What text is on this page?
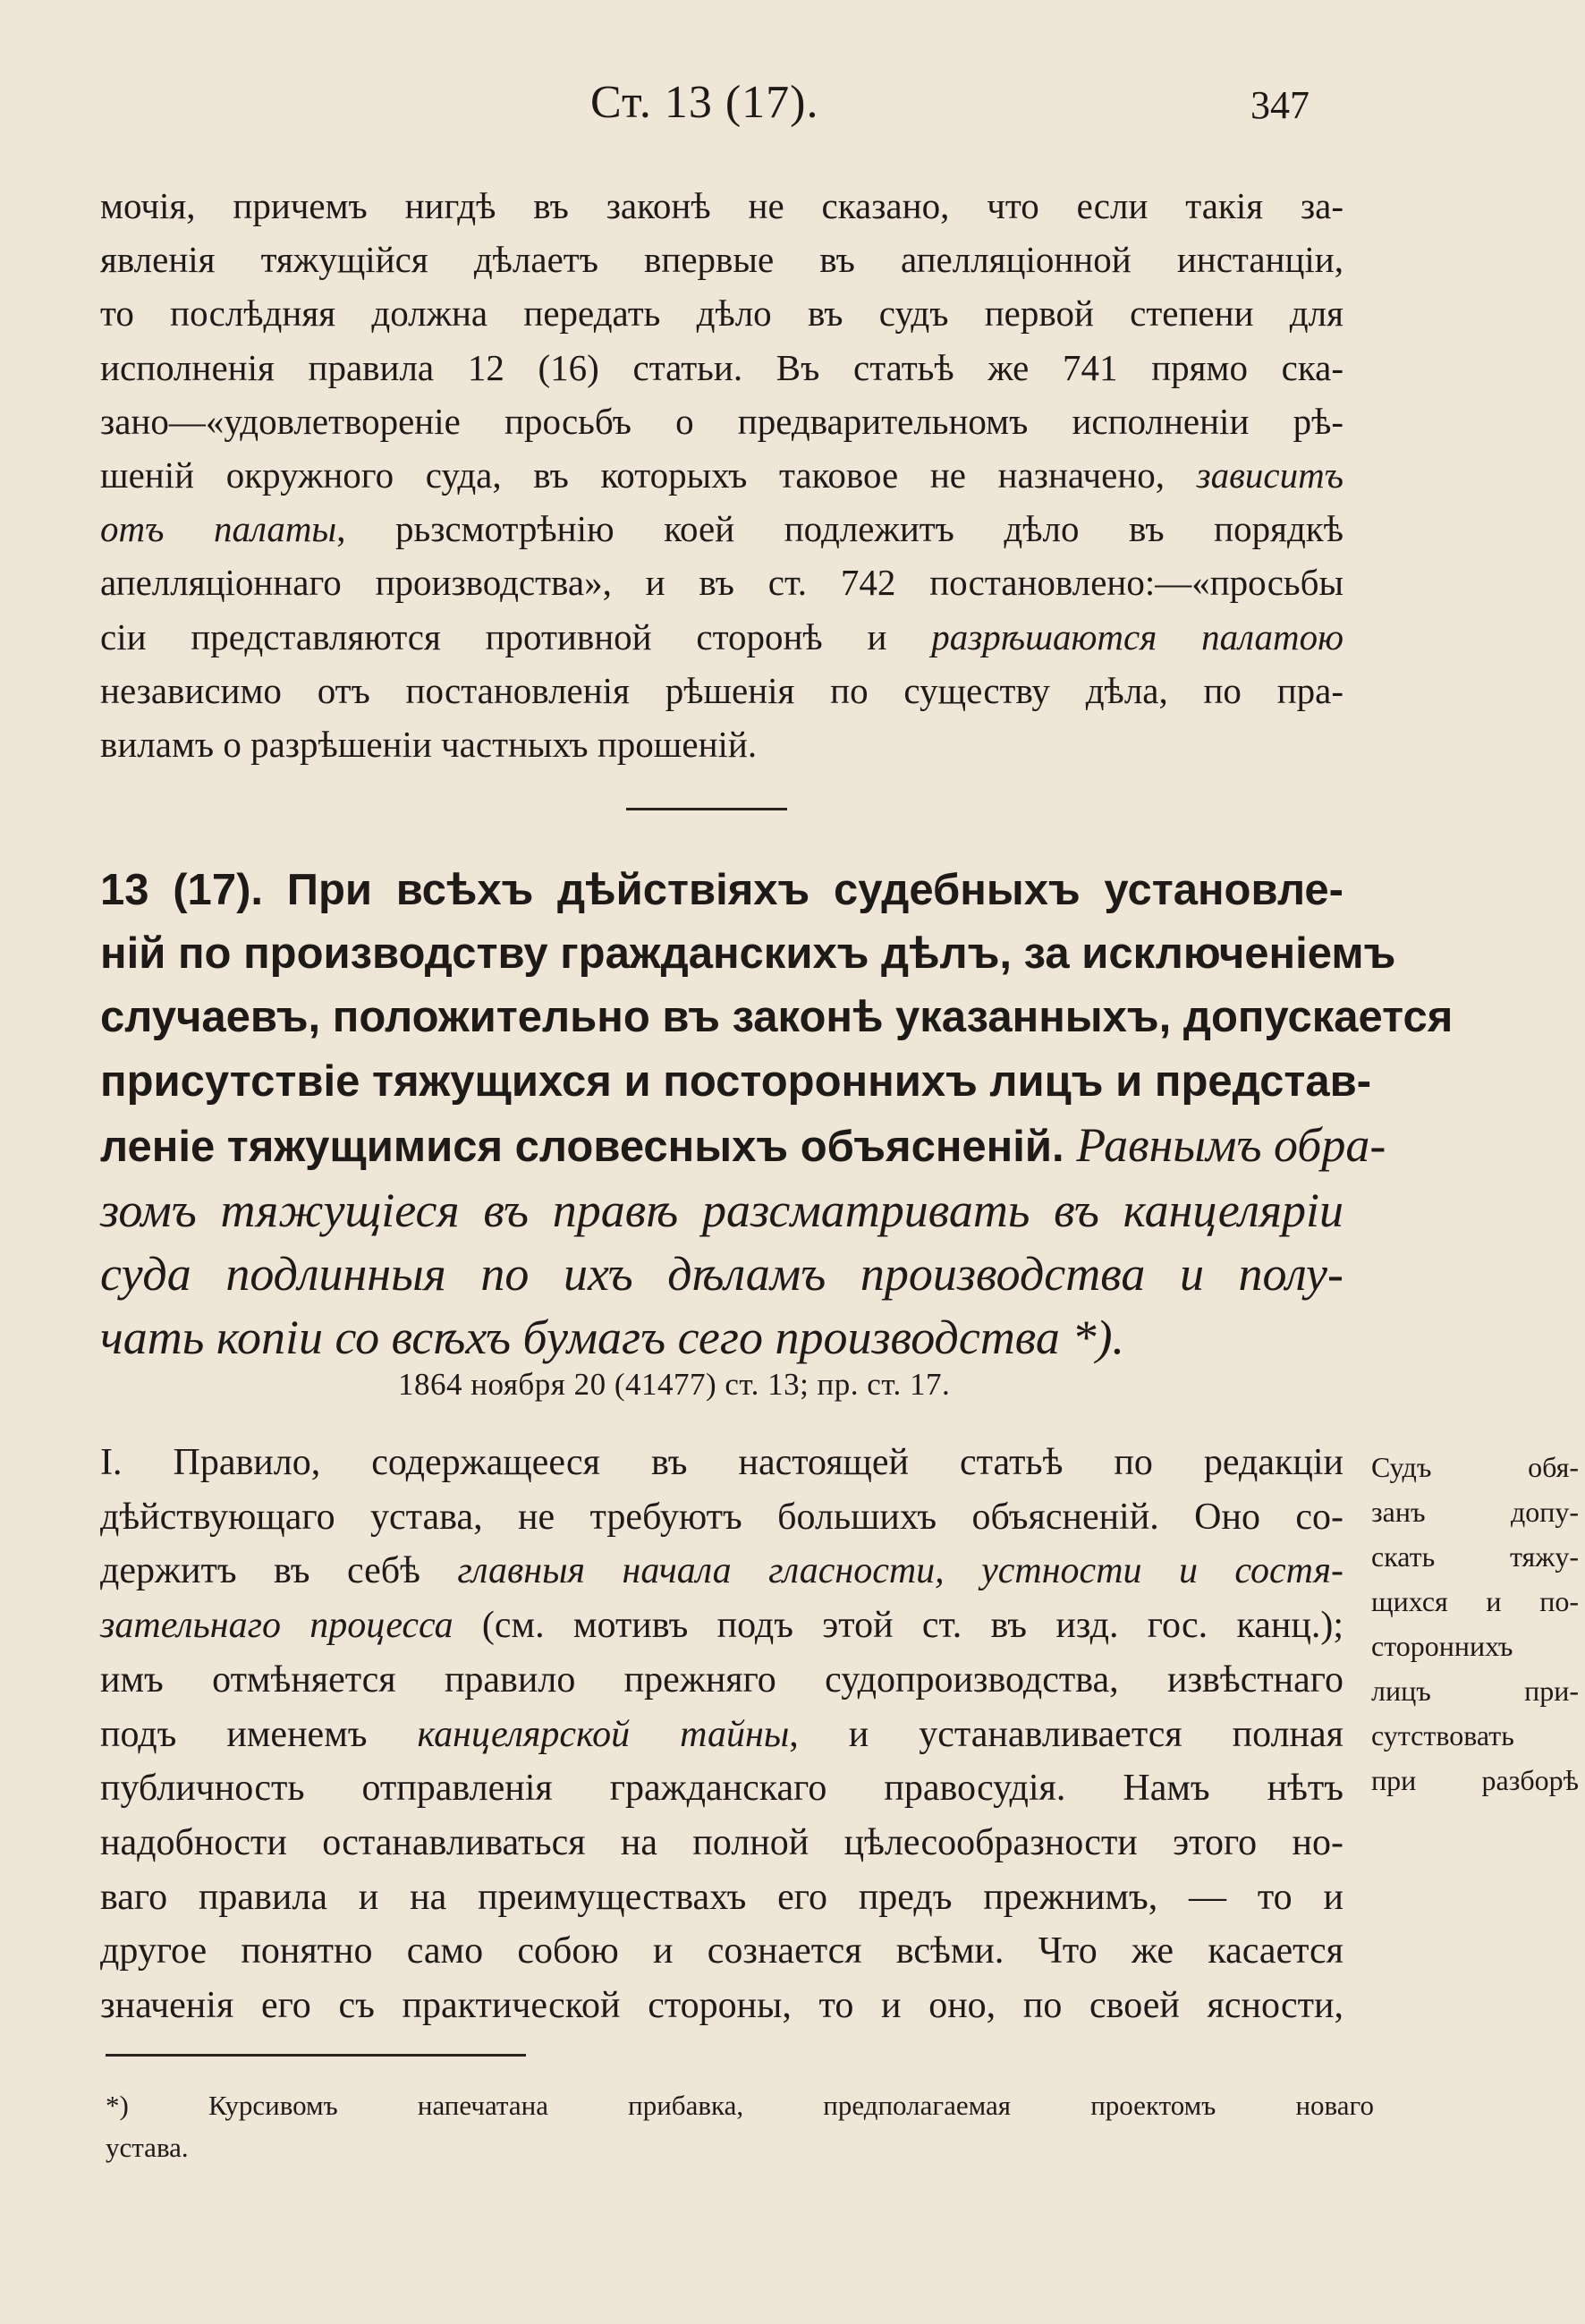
Ст. 13 (17).	347
мочія, причемъ нигдѣ въ законѣ не сказано, что если такія за-
явленія тяжущійся дѣлаетъ впервые въ апелляціонной инстанціи,
то послѣдняя должна передать дѣло въ судъ первой степени для
исполненія правила 12 (16) статьи. Въ статьѣ же 741 прямо ска-
зано—«удовлетвореніе просьбъ о предварительномъ исполненіи рѣ-
шеній окружного суда, въ которыхъ таковое не назначено, зависитъ
отъ палаты, рьзсмотрѣнію коей подлежитъ дѣло въ порядкѣ
апелляціоннаго производства», и въ ст. 742 постановлено:—«просьбы
сіи представляются противной сторонѣ и разрѣшаются палатою
независимо отъ постановленія рѣшенія по существу дѣла, по пра-
виламъ о разрѣшеніи частныхъ прошеній.
13 (17). При всѣхъ дѣйствіяхъ судебныхъ установле-
ній по производству гражданскихъ дѣлъ, за исключеніемъ
случаевъ, положительно въ законѣ указанныхъ, допускается
присутствіе тяжущихся и постороннихъ лицъ и представ-
леніе тяжущимися словесныхъ объясненій. Равнымъ обра-
зомъ тяжущіеся въ правѣ разсматривать въ канцеляріи
суда подлинныя по ихъ дѣламъ производства и полу-
чать копіи со всѣхъ бумагъ сего производства *).
1864 ноября 20 (41477) ст. 13; пр. ст. 17.
I. Правило, содержащееся въ настоящей статьѣ по редакціи
дѣйствующаго устава, не требуютъ большихъ объясненій. Оно со-
держитъ въ себѣ главныя начала гласности, устности и состя-
зательнаго процесса (см. мотивъ подъ этой ст. въ изд. гос. канц.);
имъ отмѣняется правило прежняго судопроизводства, извѣстнаго
подъ именемъ канцелярской тайны, и устанавливается полная
публичность отправленія гражданскаго правосудія. Намъ нѣтъ
надобности останавливаться на полной цѣлесообразности этого но-
ваго правила и на преимуществахъ его предъ прежнимъ, — то и
другое понятно само собою и сознается всѣми. Что же касается
значенія его съ практической стороны, то и оно, по своей ясности,
Судъ обя-
занъ допу-
скать тяжу-
щихся и по-
стороннихъ
лицъ при-
сутствовать
при разборѣ
*) Курсивомъ напечатана прибавка, предполагаемая проектомъ новаго
устава.
